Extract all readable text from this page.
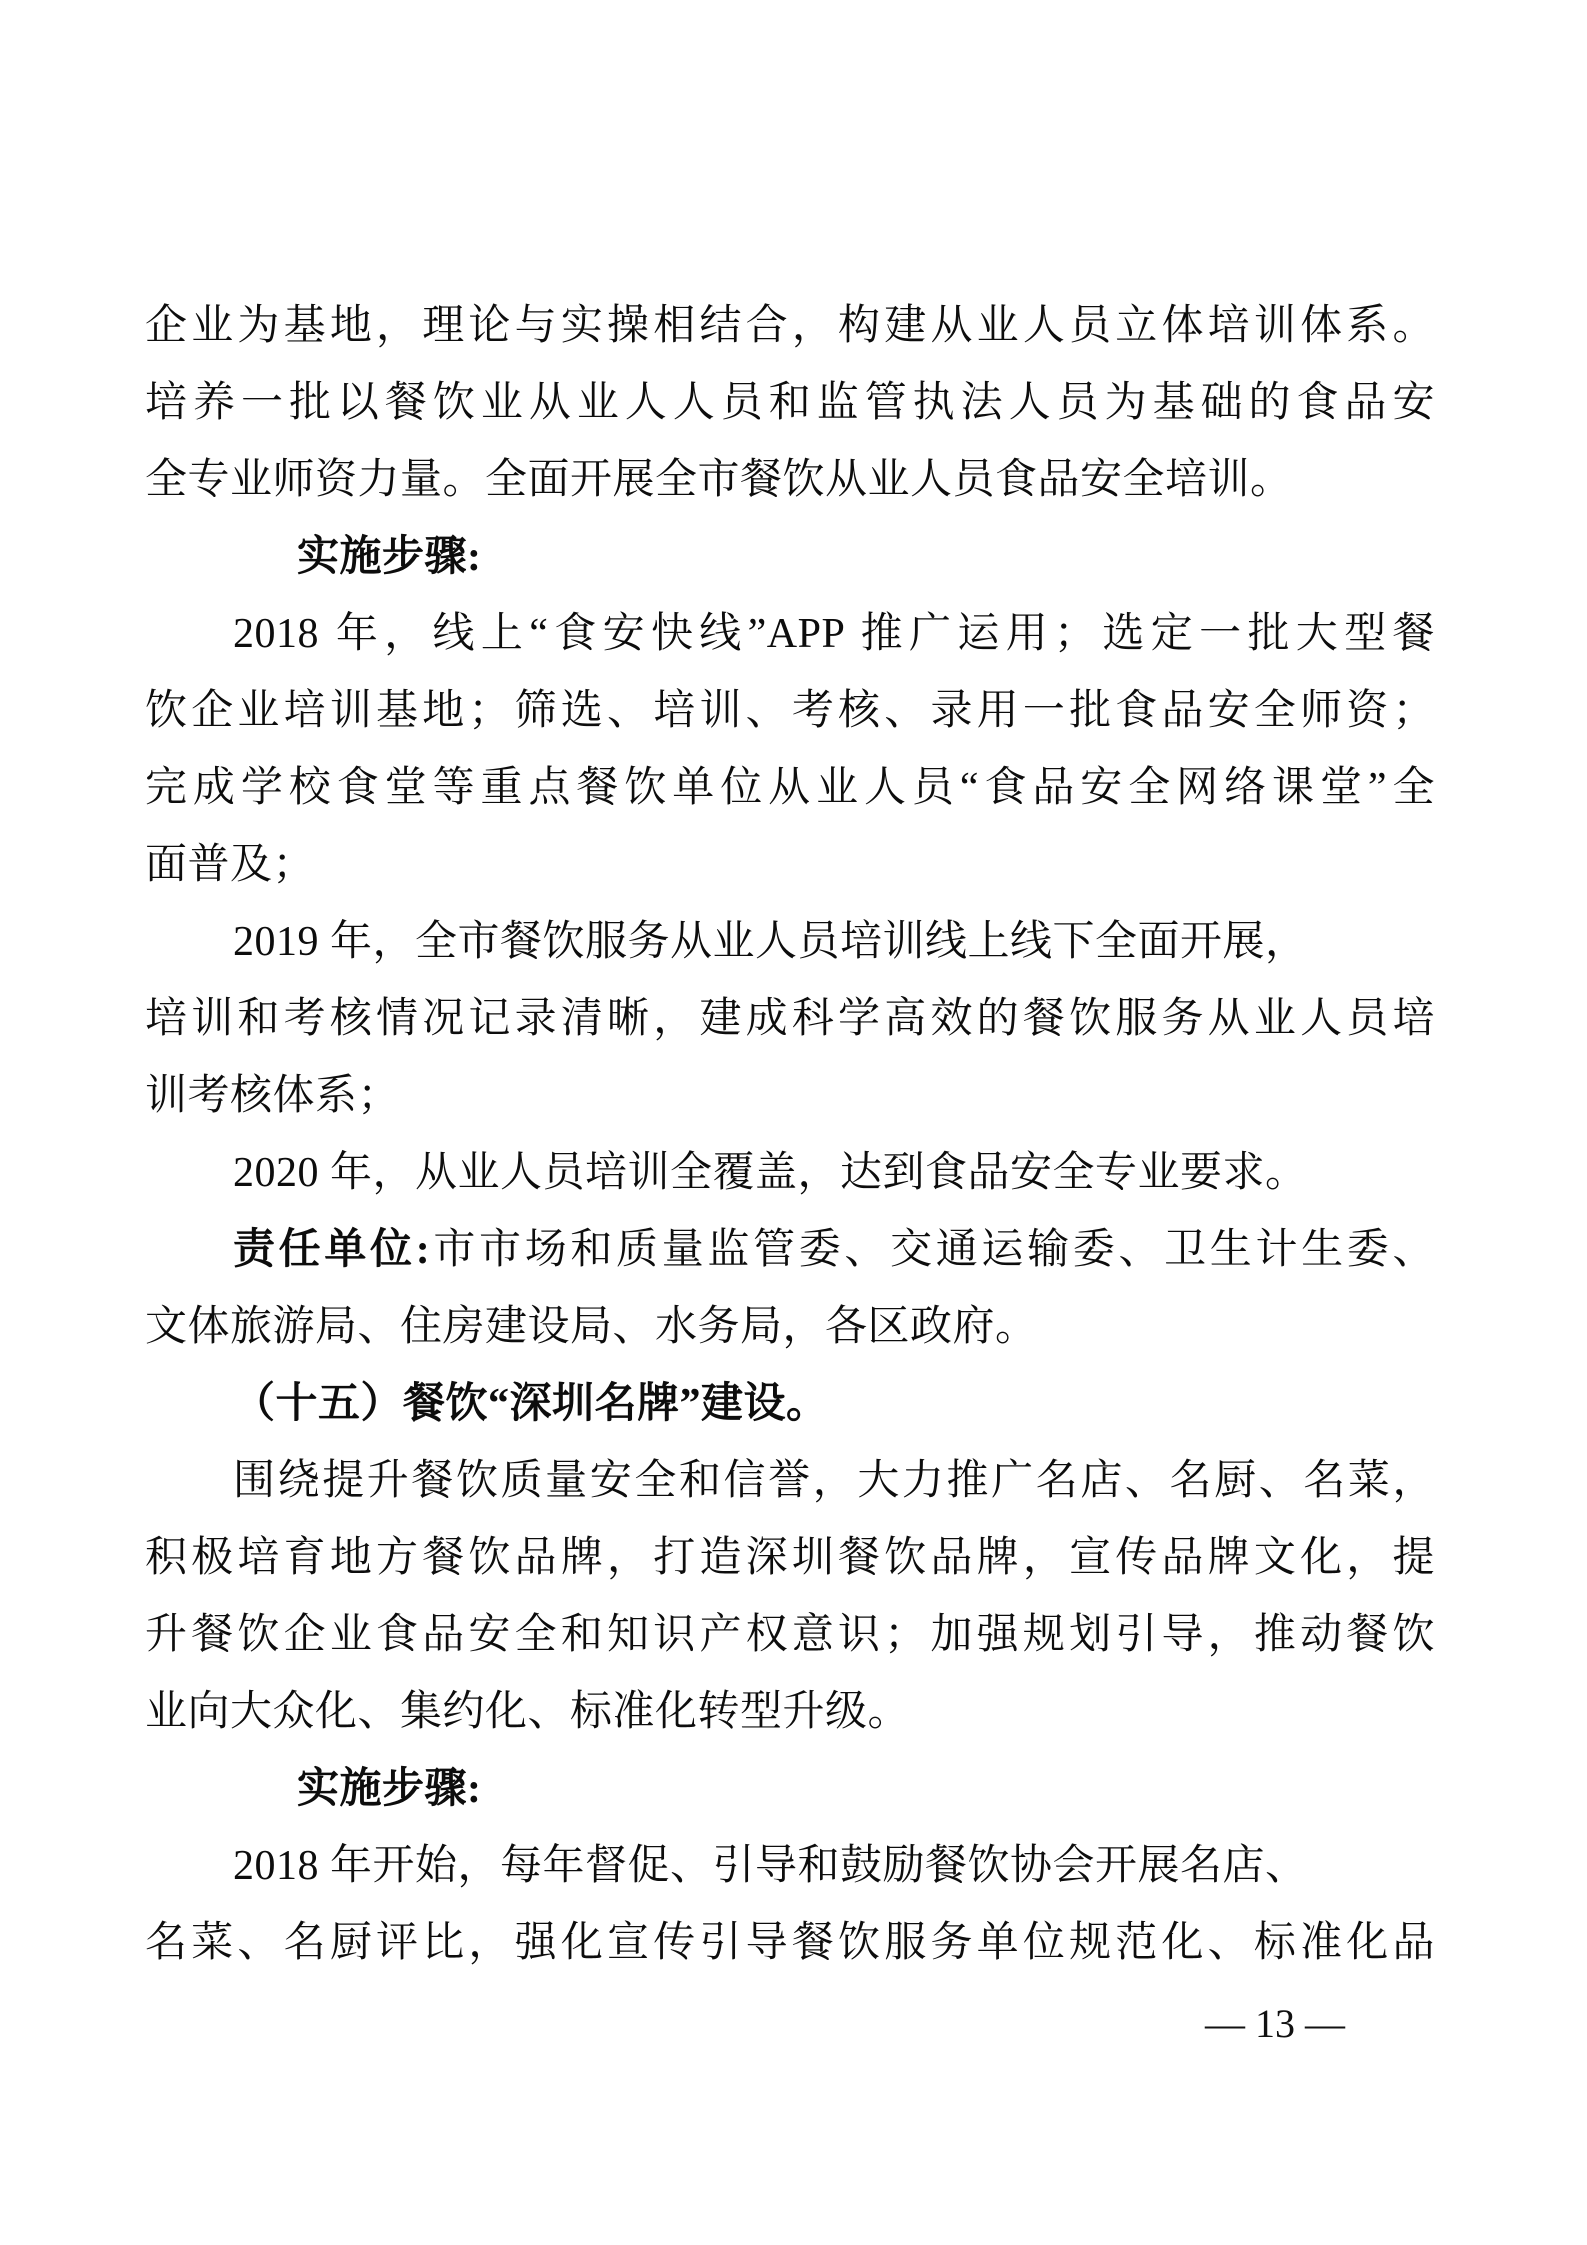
企业为基地，理论与实操相结合，构建从业人员立体培训体系。
培养一批以餐饮业从业人人员和监管执法人员为基础的食品安
全专业师资力量。全面开展全市餐饮从业人员食品安全培训。
实施步骤:
2018 年，线上“食安快线”APP 推广运用；选定一批大型餐
饮企业培训基地；筛选、培训、考核、录用一批食品安全师资；
完成学校食堂等重点餐饮单位从业人员“食品安全网络课堂”全
面普及；
2019 年，全市餐饮服务从业人员培训线上线下全面开展，
培训和考核情况记录清晰，建成科学高效的餐饮服务从业人员培
训考核体系；
2020 年，从业人员培训全覆盖，达到食品安全专业要求。
责任单位:市市场和质量监管委、交通运输委、卫生计生委、
文体旅游局、住房建设局、水务局，各区政府。
（十五）餐饮“深圳名牌”建设。
围绕提升餐饮质量安全和信誉，大力推广名店、名厨、名菜，
积极培育地方餐饮品牌，打造深圳餐饮品牌，宣传品牌文化，提
升餐饮企业食品安全和知识产权意识；加强规划引导，推动餐饮
业向大众化、集约化、标准化转型升级。
实施步骤:
2018 年开始，每年督促、引导和鼓励餐饮协会开展名店、
名菜、名厨评比，强化宣传引导餐饮服务单位规范化、标准化品
— 13 —
